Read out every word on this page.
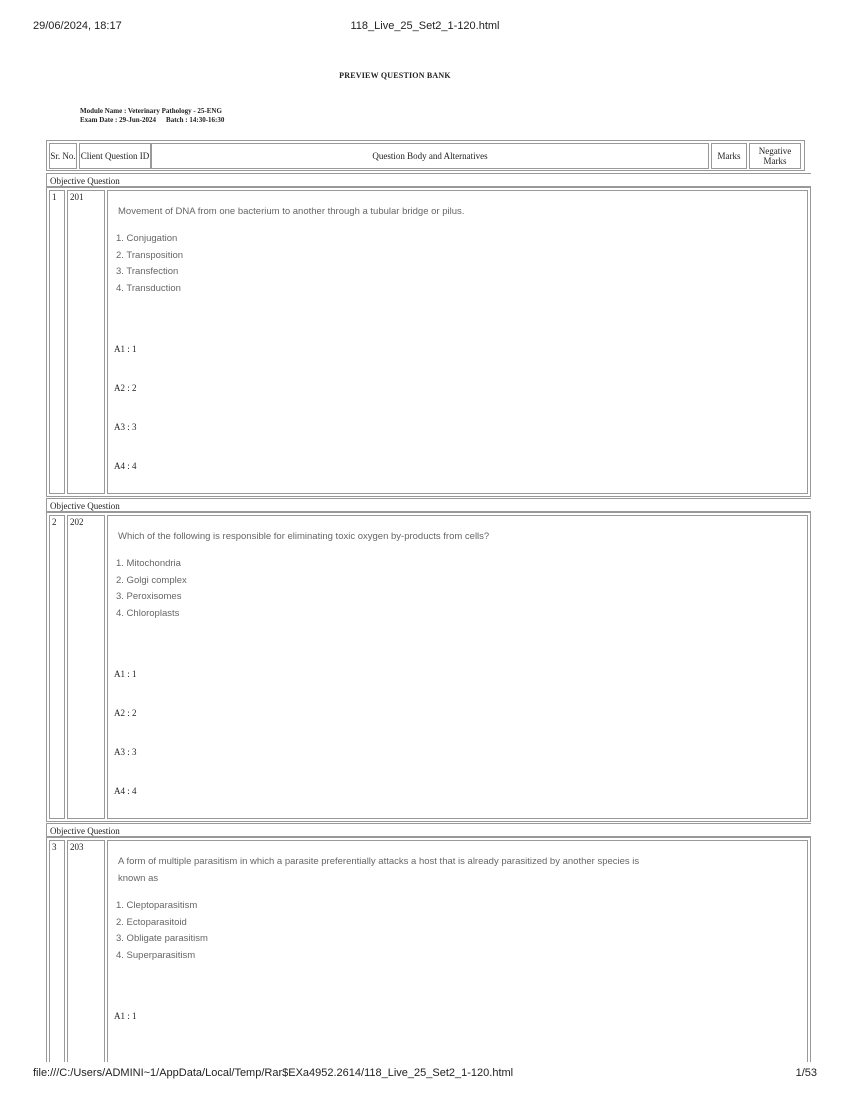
29/06/2024, 18:17	118_Live_25_Set2_1-120.html
PREVIEW QUESTION BANK
Module Name : Veterinary Pathology - 25-ENG
Exam Date : 29-Jun-2024 Batch : 14:30-16:30
Sr. No. Client Question ID	Question Body and Alternatives	Marks	Negative Marks
Objective Question
1	201
Movement of DNA from one bacterium to another through a tubular bridge or pilus.
1. Conjugation
2. Transposition
3. Transfection
4. Transduction
A1 : 1
A2 : 2
A3 : 3
A4 : 4
Objective Question
2	202
Which of the following is responsible for eliminating toxic oxygen by-products from cells?
1. Mitochondria
2. Golgi complex
3. Peroxisomes
4. Chloroplasts
A1 : 1
A2 : 2
A3 : 3
A4 : 4
Objective Question
3	203
A form of multiple parasitism in which a parasite preferentially attacks a host that is already parasitized by another species is
known as
1. Cleptoparasitism
2. Ectoparasitoid
3. Obligate parasitism
4. Superparasitism
A1 : 1
file:///C:/Users/ADMINI~1/AppData/Local/Temp/Rar$EXa4952.2614/118_Live_25_Set2_1-120.html	1/53
